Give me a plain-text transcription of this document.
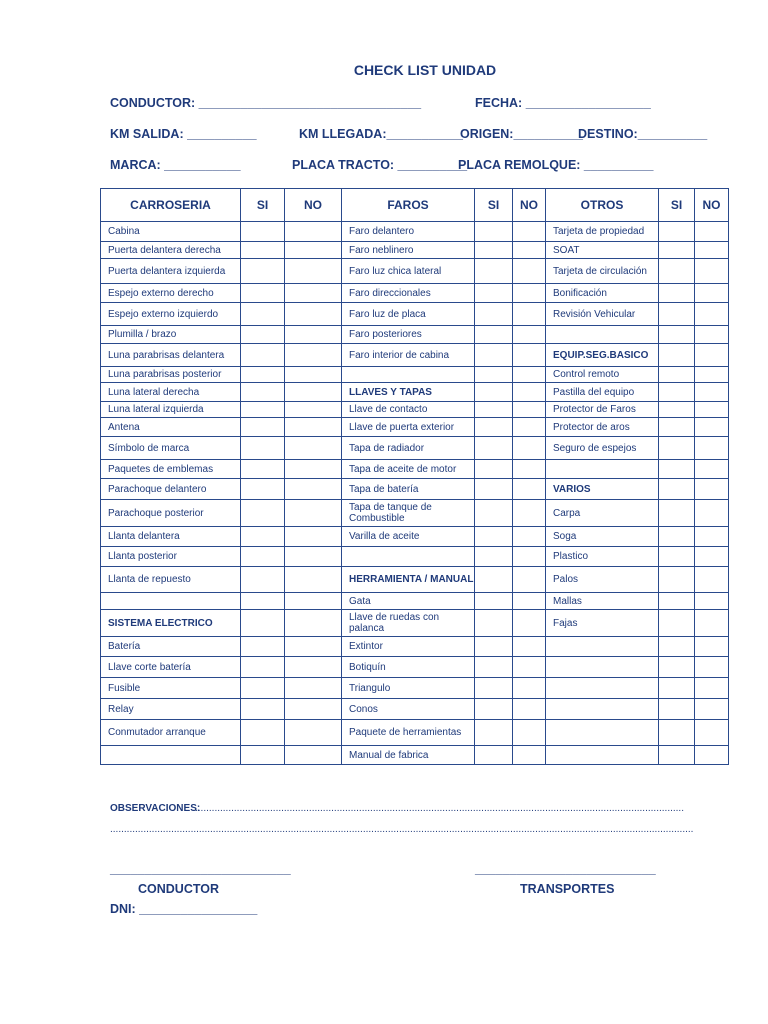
CHECK LIST UNIDAD
CONDUCTOR: ________________________________	FECHA: __________________
KM SALIDA: __________	KM LLEGADA:___________
ORIGEN:__________
DESTINO:__________
MARCA: ___________	PLACA TRACTO: __________
PLACA REMOLQUE: __________
CARROSERIA	SI	NO	FAROS	SI	NO	OTROS	SI	NO
Cabina			Faro delantero			Tarjeta de propiedad		
Puerta delantera derecha			Faro neblinero			SOAT		
Puerta delantera izquierda			Faro luz chica lateral			Tarjeta de circulación		
Espejo externo derecho			Faro direccionales			Bonificación		
Espejo externo izquierdo			Faro luz de placa			Revisión Vehicular		
Plumilla / brazo			Faro posteriores					
Luna parabrisas delantera			Faro interior de cabina			EQUIP.SEG.BASICO		
Luna parabrisas posterior						Control remoto		
Luna lateral derecha			LLAVES Y TAPAS			Pastilla del equipo		
Luna lateral izquierda			Llave de contacto			Protector de Faros		
Antena			Llave de puerta exterior			Protector de aros		
Símbolo de marca			Tapa de radiador			Seguro de espejos		
Paquetes de emblemas			Tapa de aceite de motor					
Parachoque delantero			Tapa de batería			VARIOS		
Parachoque posterior			Tapa de tanque de Combustible			Carpa		
Llanta delantera			Varilla de aceite			Soga		
Llanta posterior						Plastico		
Llanta de repuesto			HERRAMIENTA / MANUAL			Palos		
			Gata			Mallas		
SISTEMA ELECTRICO			Llave de ruedas con palanca			Fajas		
Batería			Extintor					
Llave corte batería			Botiquín					
Fusible			Triangulo					
Relay			Conos					
Conmutador arranque			Paquete de herramientas					
			Manual de fabrica					
OBSERVACIONES:
................................................................................................................................................................................
..................................................................................................................................................................................................................
__________________________
CONDUCTOR
DNI: _________________
__________________________
TRANSPORTES
